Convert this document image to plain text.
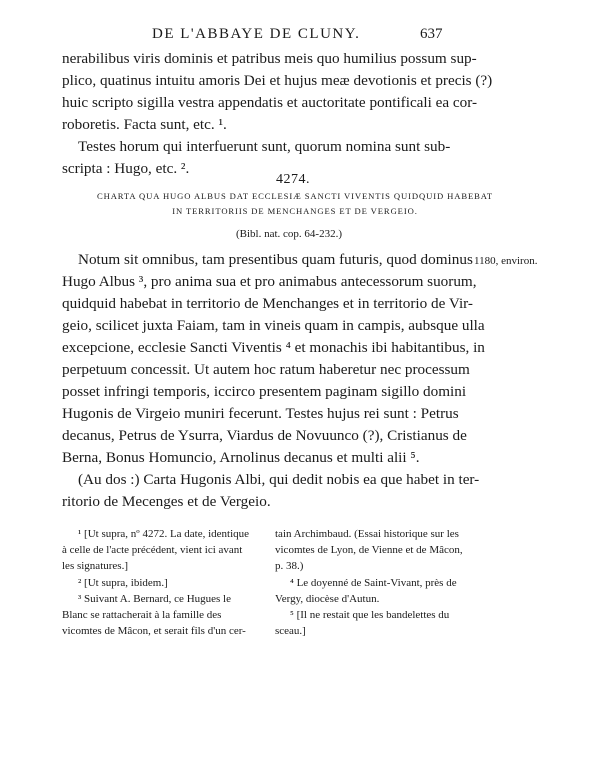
DE L'ABBAYE DE CLUNY.	637
nerabilibus viris dominis et patribus meis quo humilius possum sup-
plico, quatinus intuitu amoris Dei et hujus meæ devotionis et precis (?)
huic scripto sigilla vestra appendatis et auctoritate pontificali ea cor-
roboretis. Facta sunt, etc. ¹.
Testes horum qui interfuerunt sunt, quorum nomina sunt sub-
scripta : Hugo, etc. ².
4274.
CHARTA QUA HUGO ALBUS DAT ECCLESIÆ SANCTI VIVENTIS QUIDQUID HABEBAT
IN TERRITORIIS DE MENCHANGES ET DE VERGEIO.
(Bibl. nat. cop. 64-232.)
1180, environ.
Notum sit omnibus, tam presentibus quam futuris, quod dominus
Hugo Albus ³, pro anima sua et pro animabus antecessorum suorum,
quidquid habebat in territorio de Menchanges et in territorio de Vir-
geio, scilicet juxta Faiam, tam in vineis quam in campis, aubsque ulla
excepcione, ecclesie Sancti Viventis ⁴ et monachis ibi habitantibus, in
perpetuum concessit. Ut autem hoc ratum haberetur nec processum
posset infringi temporis, iccirco presentem paginam sigillo domini
Hugonis de Virgeio muniri fecerunt. Testes hujus rei sunt : Petrus
decanus, Petrus de Ysurra, Viardus de Novuunco (?), Cristianus de
Berna, Bonus Homuncio, Arnolinus decanus et multi alii ⁵.
(Au dos :) Carta Hugonis Albi, qui dedit nobis ea que habet in ter-
ritorio de Mecenges et de Vergeio.
¹ [Ut supra, nº 4272. La date, identique
à celle de l'acte précédent, vient ici avant
les signatures.]
² [Ut supra, ibidem.]
³ Suivant A. Bernard, ce Hugues le
Blanc se rattacherait à la famille des
vicomtes de Mâcon, et serait fils d'un cer-
tain Archimbaud. (Essai historique sur les
vicomtes de Lyon, de Vienne et de Mâcon,
p. 38.)
⁴ Le doyenné de Saint-Vivant, près de
Vergy, diocèse d'Autun.
⁵ [Il ne restait que les bandelettes du
sceau.]
